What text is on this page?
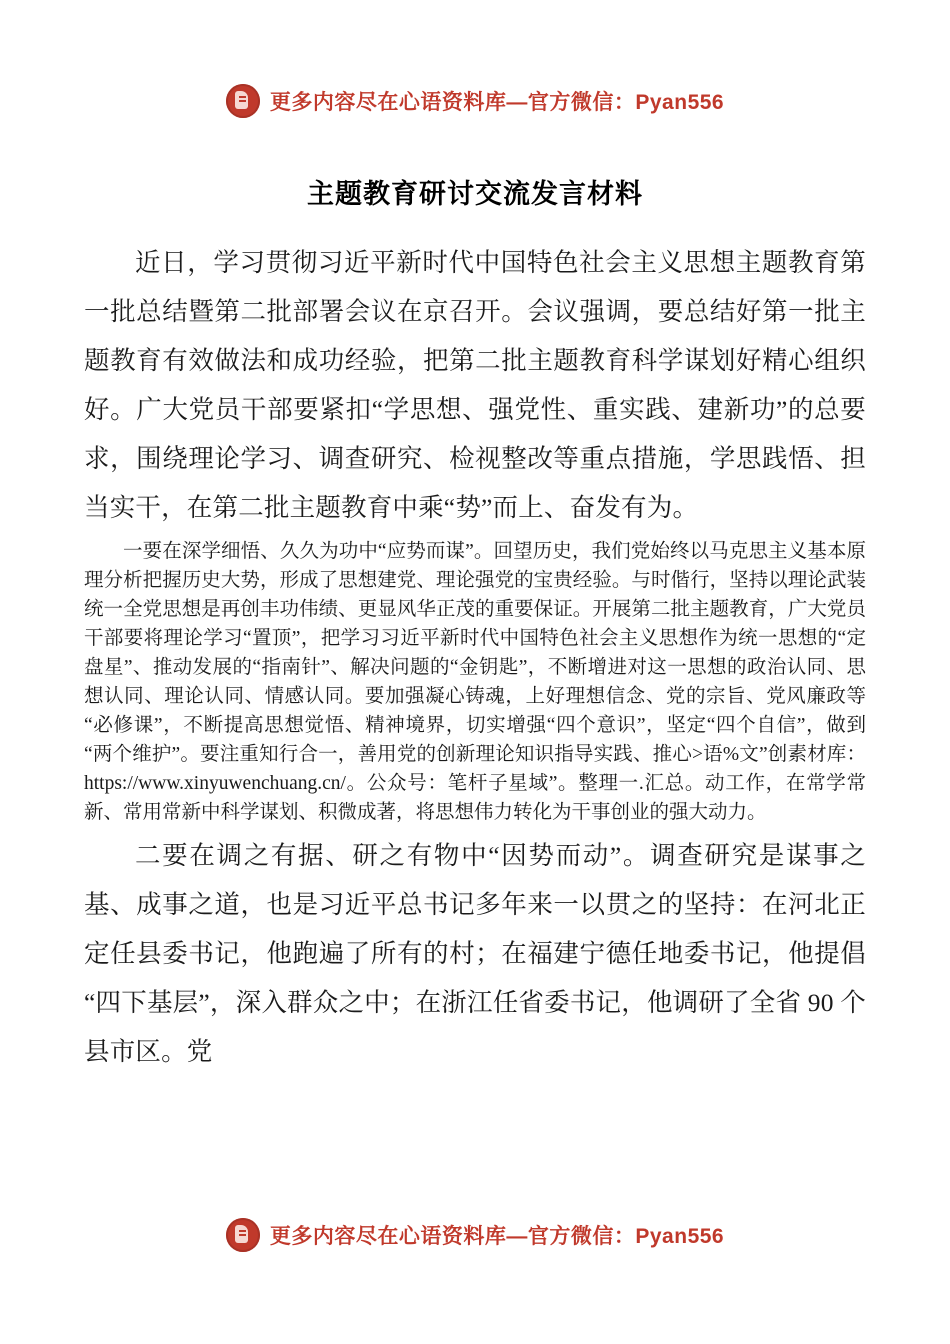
更多内容尽在心语资料库—官方微信：Pyan556
主题教育研讨交流发言材料

近日，学习贯彻习近平新时代中国特色社会主义思想主题教育第一批总结暨第二批部署会议在京召开。会议强调，要总结好第一批主题教育有效做法和成功经验，把第二批主题教育科学谋划好精心组织好。广大党员干部要紧扣“学思想、强党性、重实践、建新功”的总要求，围绕理论学习、调查研究、检视整改等重点措施，学思践悟、担当实干，在第二批主题教育中乘“势”而上、奋发有为。

一要在深学细悟、久久为功中“应势而谋”。回望历史，我们党始终以马克思主义基本原理分析把握历史大势，形成了思想建党、理论强党的宝贵经验。与时偕行，坚持以理论武装统一全党思想是再创丰功伟绩、更显风华正茂的重要保证。开展第二批主题教育，广大党员干部要将理论学习“置顶”，把学习习近平新时代中国特色社会主义思想作为统一思想的“定盘星”、推动发展的“指南针”、解决问题的“金钥匙”，不断增进对这一思想的政治认同、思想认同、理论认同、情感认同。要加强凝心铸魂，上好理想信念、党的宗旨、党风廉政等“必修课”，不断提高思想觉悟、精神境界，切实增强“四个意识”，坚定“四个自信”，做到“两个维护”。要注重知行合一，善用党的创新理论知识指导实践、推心>语%文”创素材库：https://www.xinyuwenchuang.cn/。公众号：笔杆子星域”。整理一.汇总。动工作，在常学常新、常用常新中科学谋划、积微成著，将思想伟力转化为干事创业的强大动力。

二要在调之有据、研之有物中“因势而动”。调查研究是谋事之基、成事之道，也是习近平总书记多年来一以贯之的坚持：在河北正定任县委书记，他跑遍了所有的村；在福建宁德任地委书记，他提倡“四下基层”，深入群众之中；在浙江任省委书记，他调研了全省 90 个县市区。党

更多内容尽在心语资料库—官方微信：Pyan556
